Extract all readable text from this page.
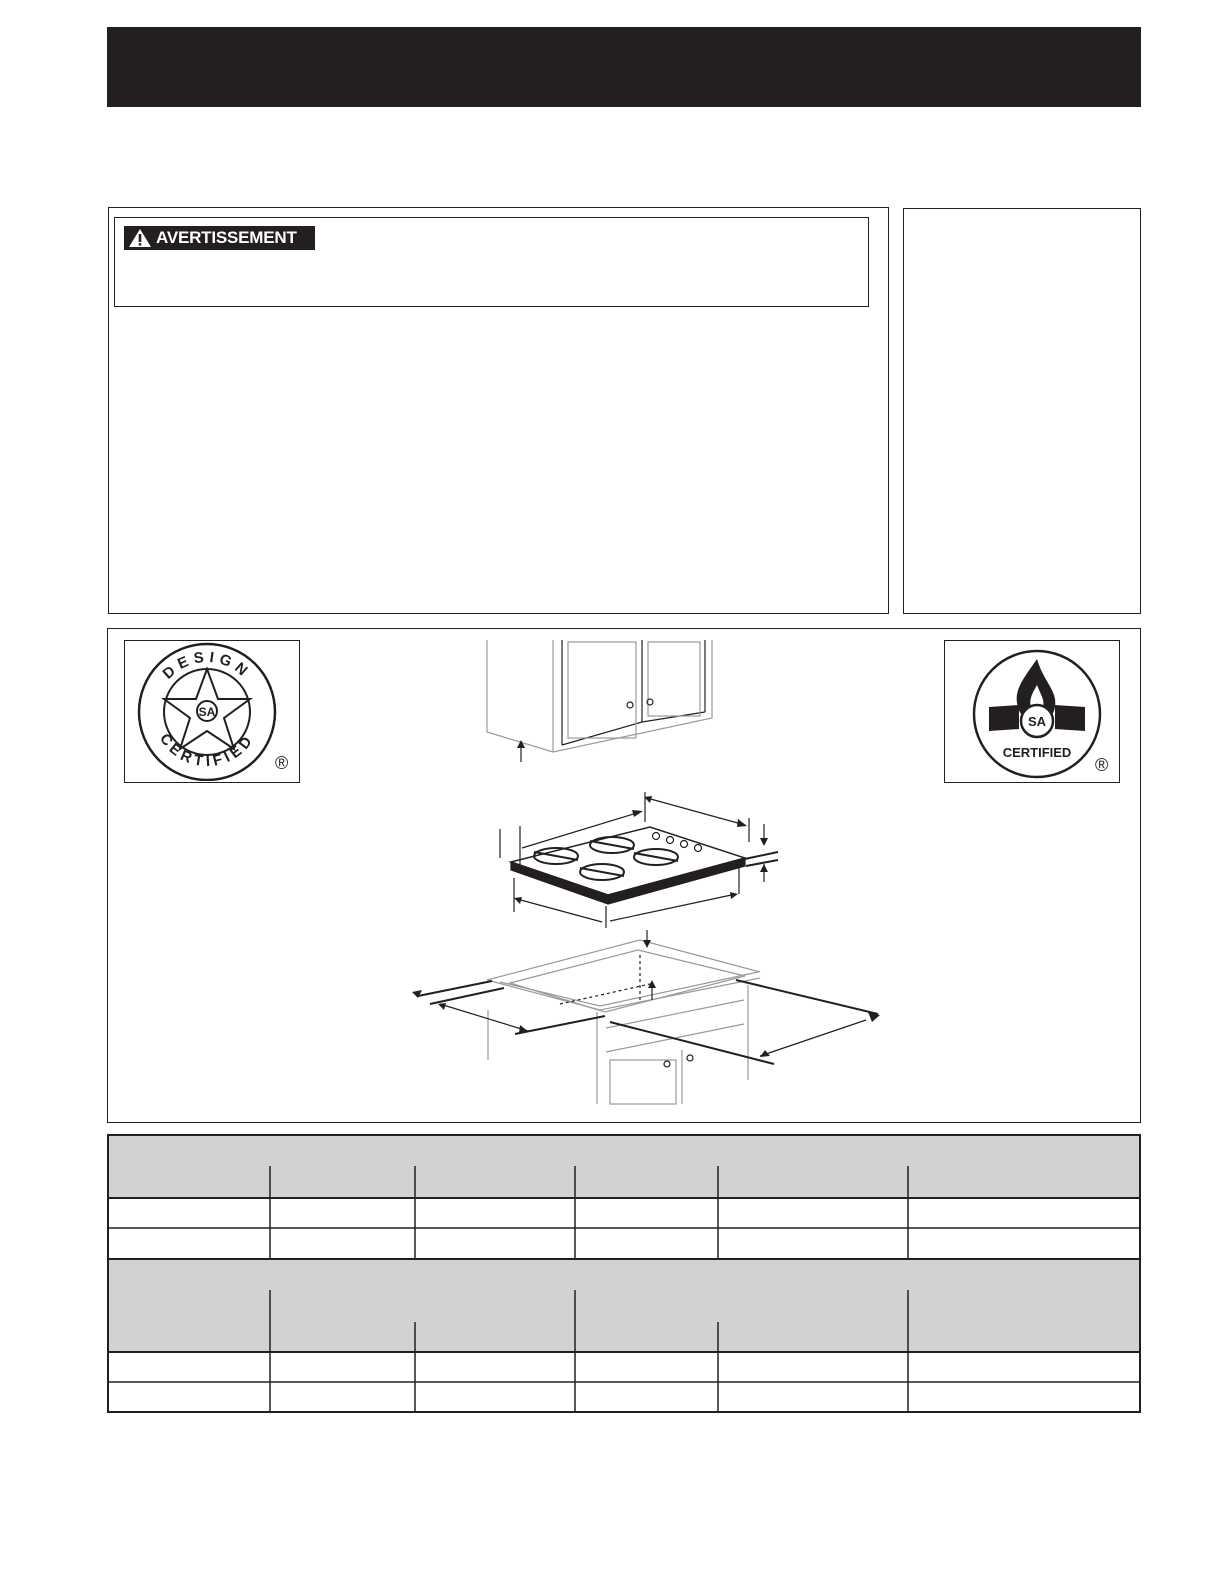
AVERTISSEMENT
SA
DESIGN
CERTIFIED
®
SA
CERTIFIED
®
